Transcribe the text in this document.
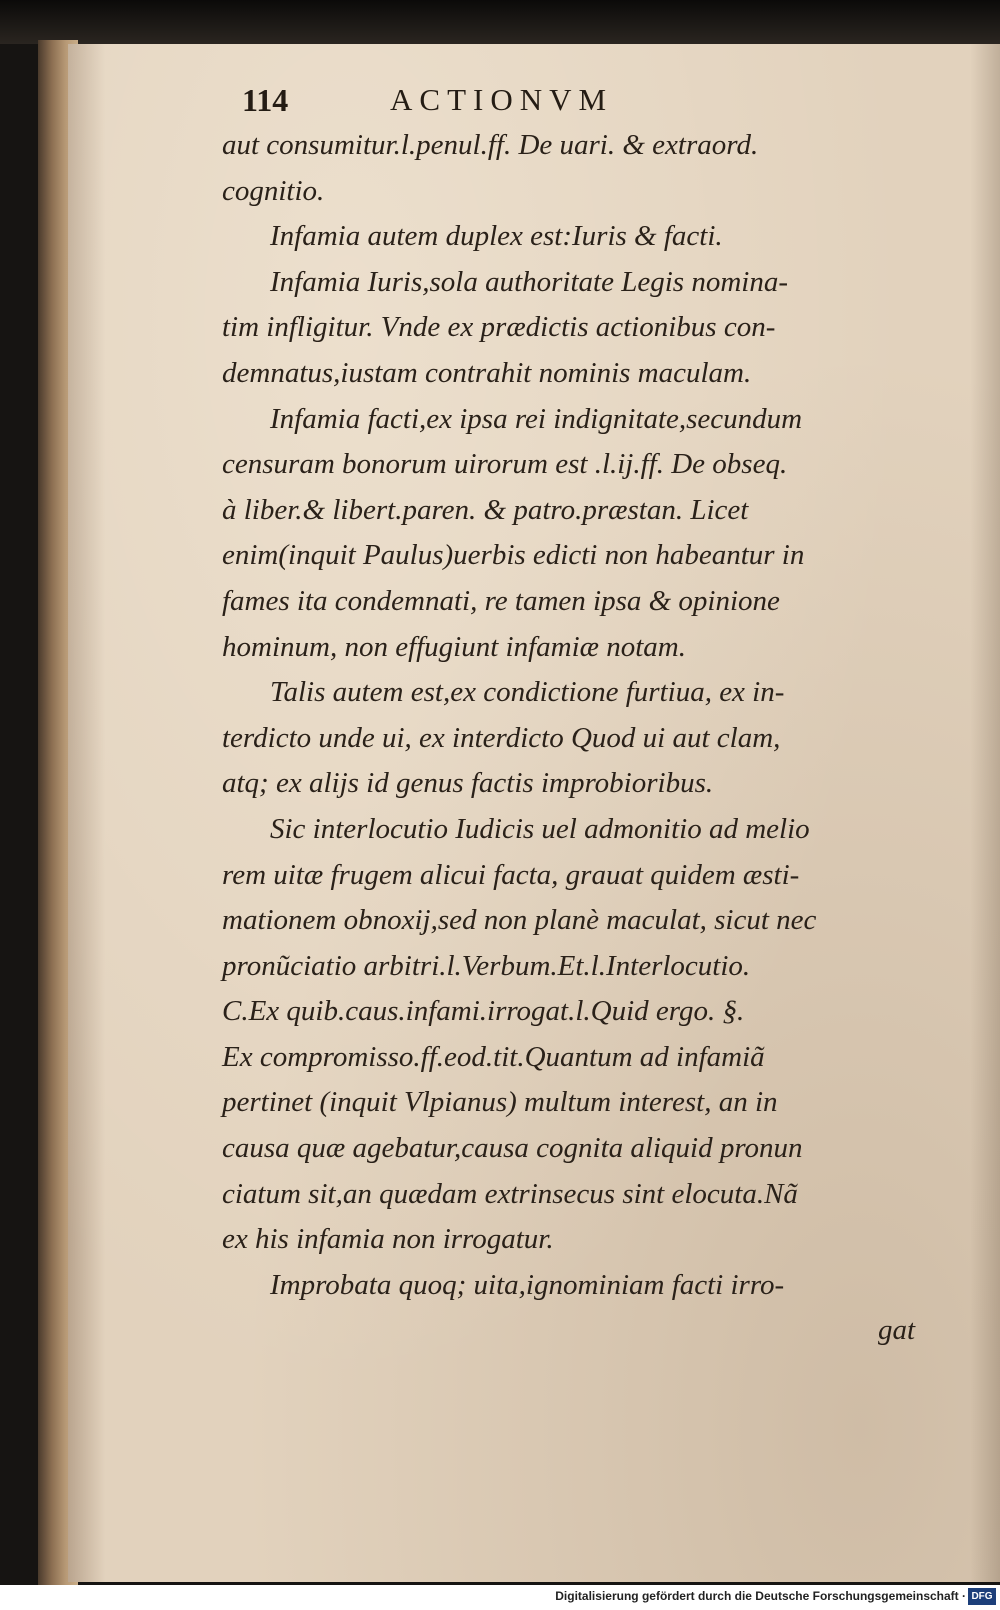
114	ACTIONVM
aut consumitur.l.penul.ff. De uari. & extraord.
cognitio.
Infamia autem duplex est:Iuris & facti.
Infamia Iuris,sola authoritate Legis nomina-
tim infligitur. Vnde ex prædictis actionibus con-
demnatus,iustam contrahit nominis maculam.
Infamia facti,ex ipsa rei indignitate,secundum
censuram bonorum uirorum est .l.ij.ff. De obseq.
à liber.& libert.paren. & patro.præstan. Licet
enim(inquit Paulus)uerbis edicti non habeantur in
fames ita condemnati, re tamen ipsa & opinione
hominum, non effugiunt infamiæ notam.
Talis autem est,ex condictione furtiua, ex in-
terdicto unde ui, ex interdicto Quod ui aut clam,
atq; ex alijs id genus factis improbioribus.
Sic interlocutio Iudicis uel admonitio ad melio
rem uitæ frugem alicui facta, grauat quidem æsti-
mationem obnoxij,sed non planè maculat, sicut nec
pronũciatio arbitri.l.Verbum.Et.l.Interlocutio.
C.Ex quib.caus.infami.irrogat.l.Quid ergo. §.
Ex compromisso.ff.eod.tit.Quantum ad infamiã
pertinet (inquit Vlpianus) multum interest, an in
causa quæ agebatur,causa cognita aliquid pronun
ciatum sit,an quædam extrinsecus sint elocuta.Nã
ex his infamia non irrogatur.
Improbata quoq; uita,ignominiam facti irro-
gat
Digitalisierung gefördert durch die Deutsche Forschungsgemeinschaft · DFG
